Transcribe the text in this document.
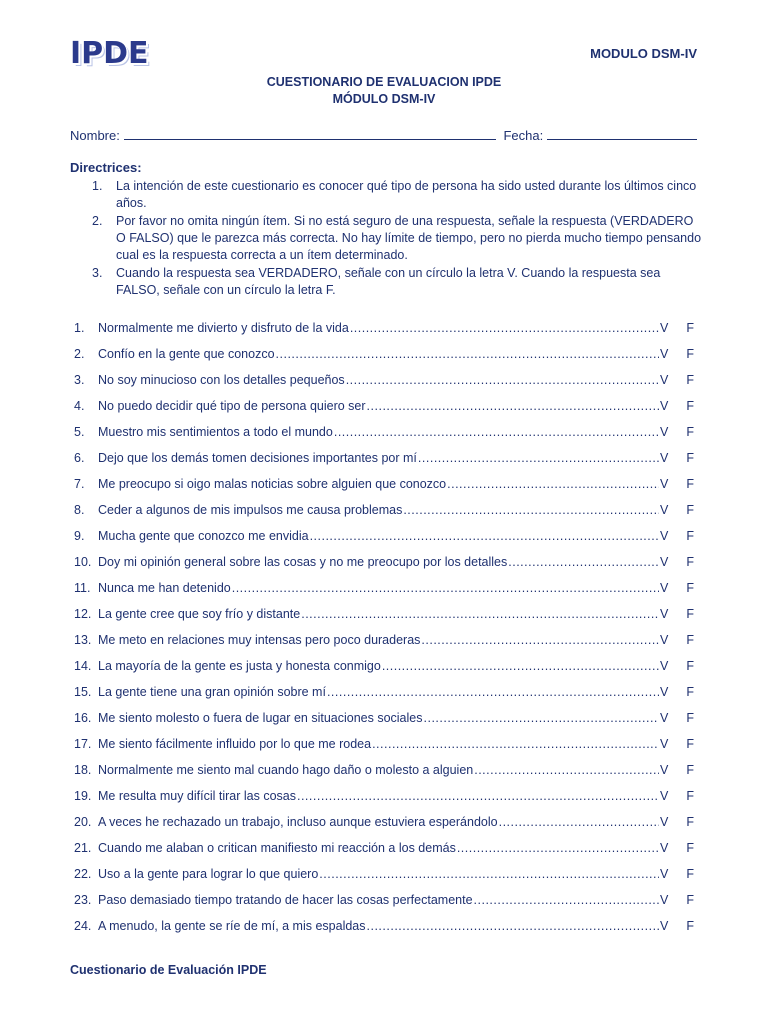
IPDE	MODULO DSM-IV
CUESTIONARIO DE EVALUACION IPDE
MÓDULO DSM-IV
Nombre:	Fecha:
Directrices:
1. La intención de este cuestionario es conocer qué tipo de persona ha sido usted durante los últimos cinco años.
2. Por favor no omita ningún ítem. Si no está seguro de una respuesta, señale la respuesta (VERDADERO O FALSO) que le parezca más correcta. No hay límite de tiempo, pero no pierda mucho tiempo pensando cual es la respuesta correcta a un ítem determinado.
3. Cuando la respuesta sea VERDADERO, señale con un círculo la letra V. Cuando la respuesta sea FALSO, señale con un círculo la letra F.
1.	Normalmente me divierto y disfruto de la vida .....	V	F
2.	Confío en la gente que conozco .....	V	F
3.	No soy minucioso con los detalles pequeños .....	V	F
4.	No puedo decidir qué tipo de persona quiero ser .....	V	F
5.	Muestro mis sentimientos a todo el mundo .....	V	F
6.	Dejo que los demás tomen decisiones importantes por mí .....	V	F
7.	Me preocupo si oigo malas noticias sobre alguien que conozco .....	V	F
8.	Ceder a algunos de mis impulsos me causa problemas .....	V	F
9.	Mucha gente que conozco me envidia .....	V	F
10. Doy mi opinión general sobre las cosas y no me preocupo por los detalles .....	V	F
11. Nunca me han detenido .....	V	F
12. La gente cree que soy frío y distante .....	V	F
13. Me meto en relaciones muy intensas pero poco duraderas .....	V	F
14. La mayoría de la gente es justa y honesta conmigo .....	V	F
15. La gente tiene una gran opinión sobre mí .....	V	F
16. Me siento molesto o fuera de lugar en situaciones sociales .....	V	F
17. Me siento fácilmente influido por lo que me rodea .....	V	F
18. Normalmente me siento mal cuando hago daño o molesto a alguien .....	V	F
19. Me resulta muy difícil tirar las cosas .....	V	F
20. A veces he rechazado un trabajo, incluso aunque estuviera esperándolo .....	V	F
21. Cuando me alaban o critican manifiesto mi reacción a los demás .....	V	F
22. Uso a la gente para lograr lo que quiero .....	V	F
23. Paso demasiado tiempo tratando de hacer las cosas perfectamente .....	V	F
24. A menudo, la gente se ríe de mí, a mis espaldas .....	V	F
Cuestionario de Evaluación IPDE
